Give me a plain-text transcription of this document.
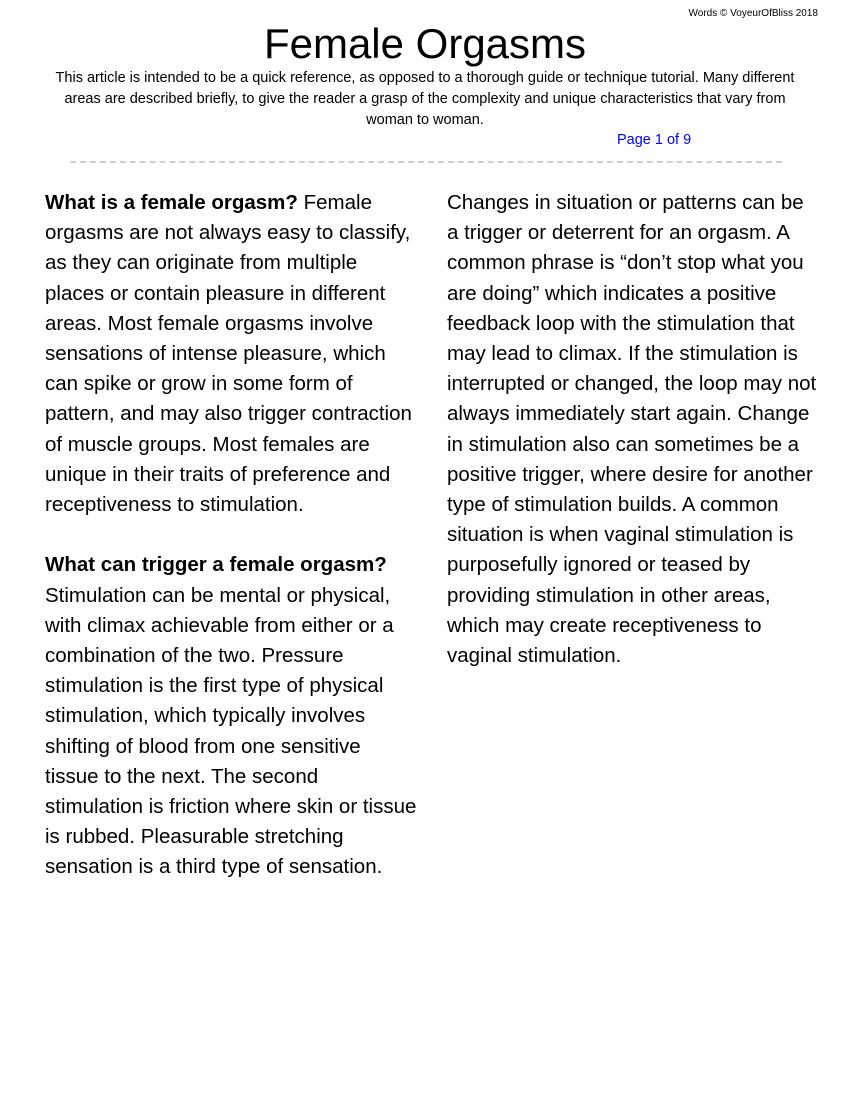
Words © VoyeurOfBliss 2018
Female Orgasms
This article is intended to be a quick reference, as opposed to a thorough guide or technique tutorial. Many different areas are described briefly, to give the reader a grasp of the complexity and unique characteristics that vary from woman to woman.
Page 1 of 9

What is a female orgasm? Female orgasms are not always easy to classify, as they can originate from multiple places or contain pleasure in different areas. Most female orgasms involve sensations of intense pleasure, which can spike or grow in some form of pattern, and may also trigger contraction of muscle groups. Most females are unique in their traits of preference and receptiveness to stimulation.

What can trigger a female orgasm? Stimulation can be mental or physical, with climax achievable from either or a combination of the two. Pressure stimulation is the first type of physical stimulation, which typically involves shifting of blood from one sensitive tissue to the next. The second stimulation is friction where skin or tissue is rubbed. Pleasurable stretching sensation is a third type of sensation.

Changes in situation or patterns can be a trigger or deterrent for an orgasm. A common phrase is “don’t stop what you are doing” which indicates a positive feedback loop with the stimulation that may lead to climax. If the stimulation is interrupted or changed, the loop may not always immediately start again. Change in stimulation also can sometimes be a positive trigger, where desire for another type of stimulation builds. A common situation is when vaginal stimulation is purposefully ignored or teased by providing stimulation in other areas, which may create receptiveness to vaginal stimulation.
